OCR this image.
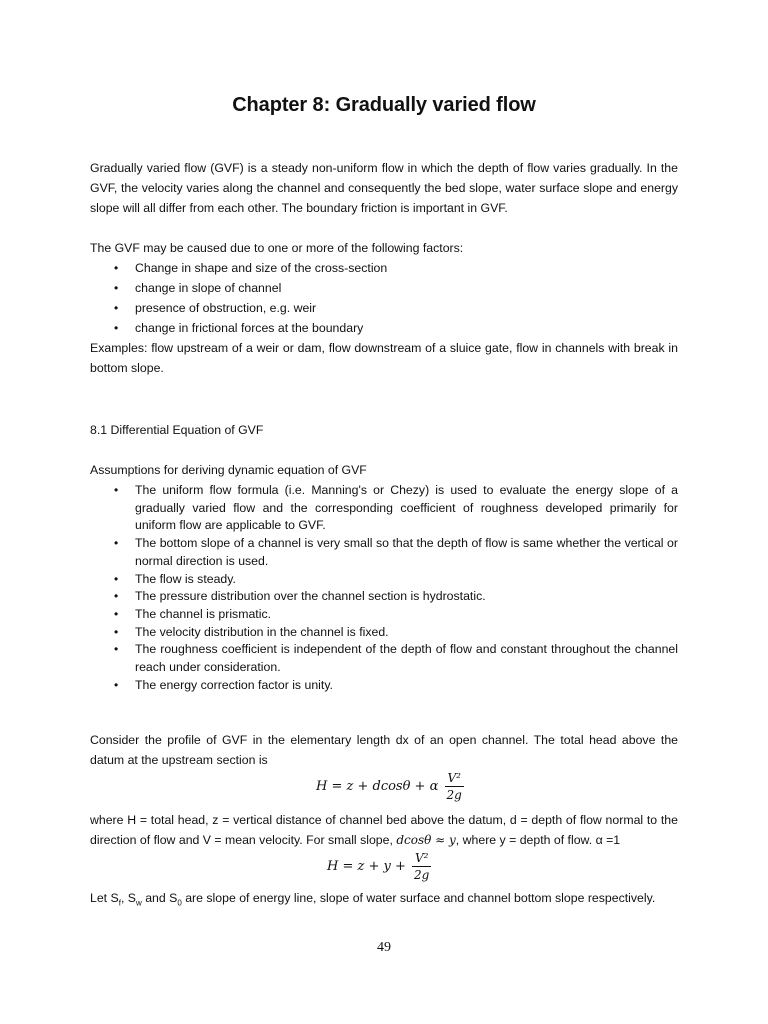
Chapter 8: Gradually varied flow

Gradually varied flow (GVF) is a steady non-uniform flow in which the depth of flow varies gradually. In the GVF, the velocity varies along the channel and consequently the bed slope, water surface slope and energy slope will all differ from each other. The boundary friction is important in GVF.

The GVF may be caused due to one or more of the following factors:

• Change in shape and size of the cross-section
• change in slope of channel
• presence of obstruction, e.g. weir
• change in frictional forces at the boundary

Examples: flow upstream of a weir or dam, flow downstream of a sluice gate, flow in channels with break in bottom slope.

8.1 Differential Equation of GVF

Assumptions for deriving dynamic equation of GVF

• The uniform flow formula (i.e. Manning's or Chezy) is used to evaluate the energy slope of a gradually varied flow and the corresponding coefficient of roughness developed primarily for uniform flow are applicable to GVF.
• The bottom slope of a channel is very small so that the depth of flow is same whether the vertical or normal direction is used.
• The flow is steady.
• The pressure distribution over the channel section is hydrostatic.
• The channel is prismatic.
• The velocity distribution in the channel is fixed.
• The roughness coefficient is independent of the depth of flow and constant throughout the channel reach under consideration.
• The energy correction factor is unity.

Consider the profile of GVF in the elementary length dx of an open channel. The total head above the datum at the upstream section is

H = z + dcosθ + α $\frac{\text{V²}}{2g}$

where H = total head, z = vertical distance of channel bed above the datum, d = depth of flow normal to the direction of flow and V = mean velocity. For small slope, dcosθ ≈ y, where y = depth of flow. α =1

$H = z + y + \frac{\text{V²}}{2g}$

Let $S_f$, $S_w$ and $S_0$ are slope of energy line, slope of water surface and channel bottom slope respectively.

49
